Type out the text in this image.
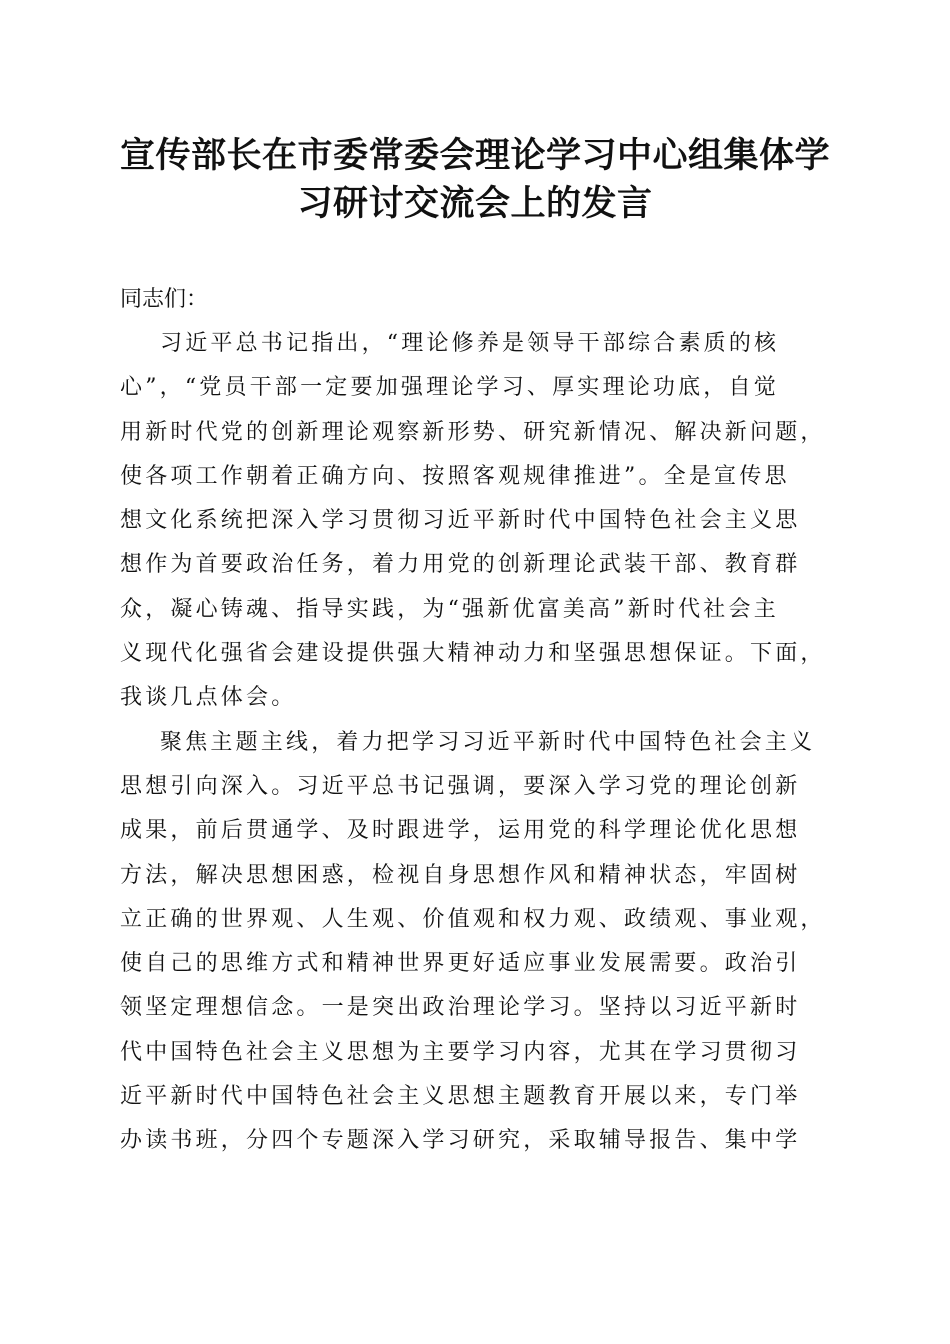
宣传部长在市委常委会理论学习中心组集体学
习研讨交流会上的发言

同志们：

习近平总书记指出，“理论修养是领导干部综合素质的核
心”，“党员干部一定要加强理论学习、厚实理论功底，自觉
用新时代党的创新理论观察新形势、研究新情况、解决新问题，
使各项工作朝着正确方向、按照客观规律推进”。全是宣传思
想文化系统把深入学习贯彻习近平新时代中国特色社会主义思
想作为首要政治任务，着力用党的创新理论武装干部、教育群
众，凝心铸魂、指导实践，为“强新优富美高”新时代社会主
义现代化强省会建设提供强大精神动力和坚强思想保证。下面，
我谈几点体会。
聚焦主题主线，着力把学习习近平新时代中国特色社会主义
思想引向深入。习近平总书记强调，要深入学习党的理论创新
成果，前后贯通学、及时跟进学，运用党的科学理论优化思想
方法，解决思想困惑，检视自身思想作风和精神状态，牢固树
立正确的世界观、人生观、价值观和权力观、政绩观、事业观，
使自己的思维方式和精神世界更好适应事业发展需要。政治引
领坚定理想信念。一是突出政治理论学习。坚持以习近平新时
代中国特色社会主义思想为主要学习内容，尤其在学习贯彻习
近平新时代中国特色社会主义思想主题教育开展以来，专门举
办读书班，分四个专题深入学习研究，采取辅导报告、集中学
